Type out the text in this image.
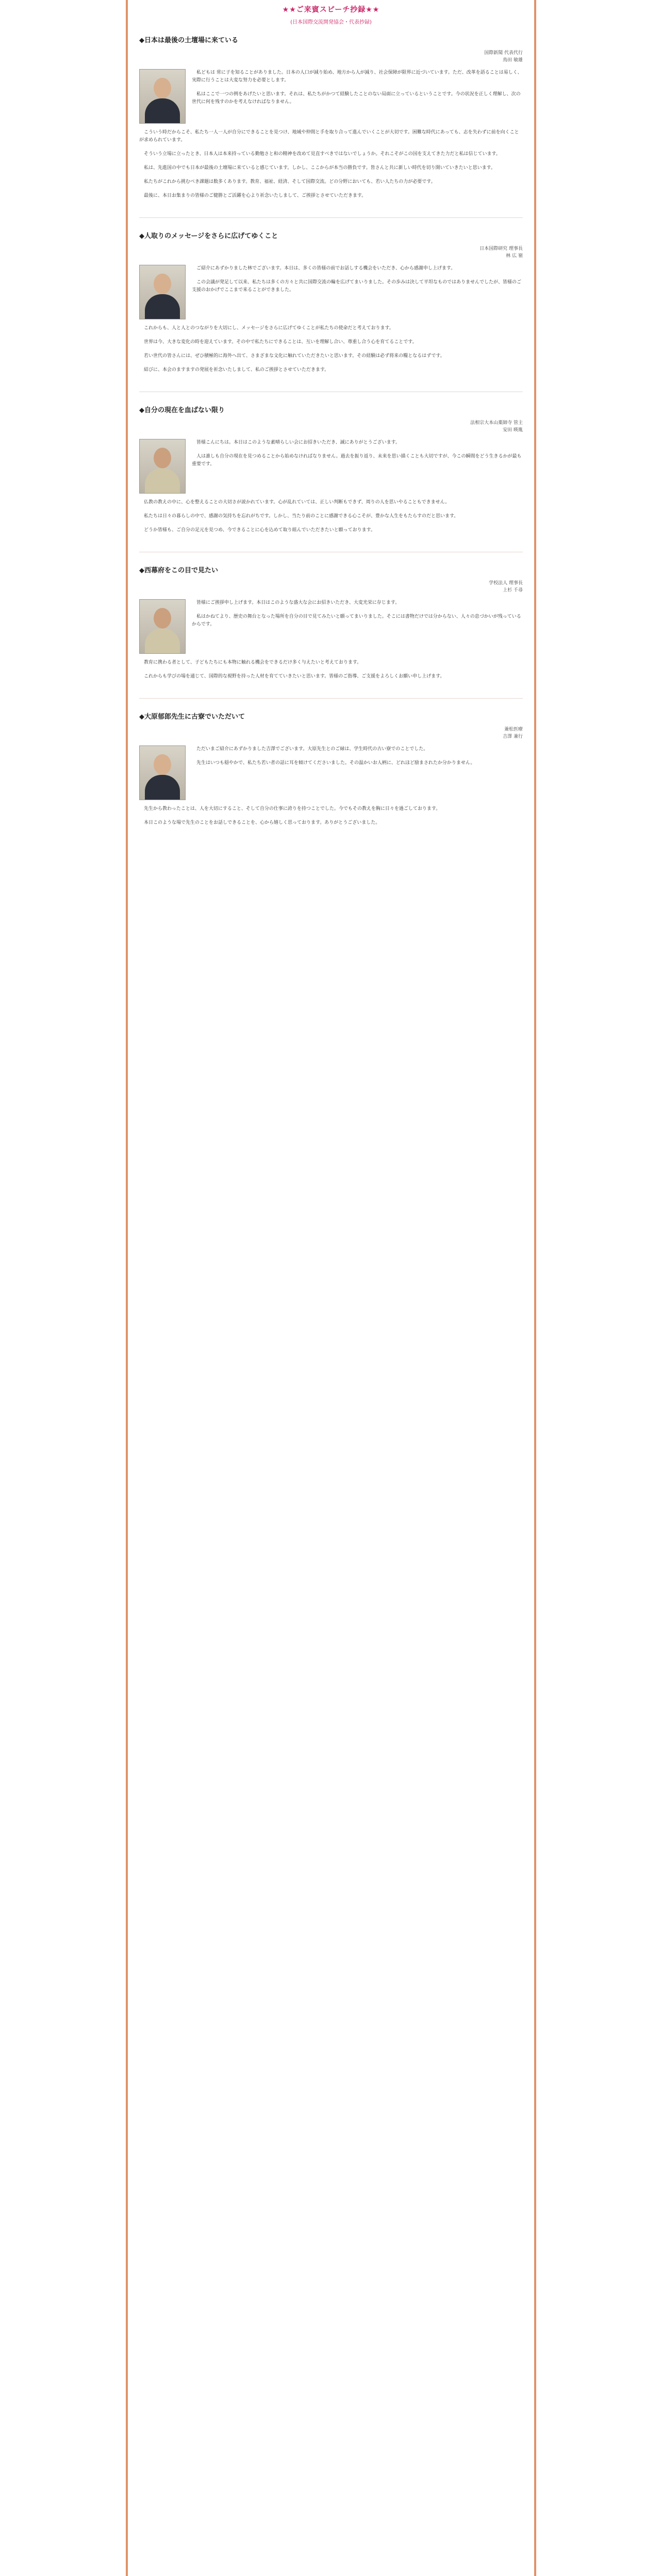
★★ご来賓スピーチ抄録★★
(日本国際交流開発協会・代表抄録)
◆日本は最後の土壇場に来ている
国際新聞 代表代行
鳥田 敏雄

私どもは 常に子を知ることがありました。日本の人口が減り始め、地方から人が減り、社会保障が限界に近づいています。ただ、改革を語ることは易しく、実際に行うことは大変な努力を必要とします。

私はここで一つの例をあげたいと思います。それは、私たちがかつて経験したことのない局面に立っているということです。今の状況を正しく理解し、次の世代に何を残すのかを考えなければなりません。

こういう時だからこそ、私たち一人一人が自分にできることを見つけ、地域や仲間と手を取り合って進んでいくことが大切です。困難な時代にあっても、志を失わずに前を向くことが求められています。

そういう立場に立ったとき、日本人は本来持っている勤勉さと和の精神を改めて見直すべきではないでしょうか。それこそがこの国を支えてきた力だと私は信じています。

私は、先進国の中でも日本が最後の土壇場に来ていると感じています。しかし、ここからが本当の勝負です。皆さんと共に新しい時代を切り開いていきたいと思います。

私たちがこれから挑むべき課題は数多くあります。教育、福祉、経済、そして国際交流。どの分野においても、若い人たちの力が必要です。

最後に、本日お集まりの皆様のご健勝とご活躍を心より祈念いたしまして、ご挨拶とさせていただきます。

◆人取りのメッセージをさらに広げてゆくこと
日本国際研究 理事長
林 広 嶺

ご紹介にあずかりました林でございます。本日は、多くの皆様の前でお話しする機会をいただき、心から感謝申し上げます。

この会議が発足して以来、私たちは多くの方々と共に国際交流の輪を広げてまいりました。その歩みは決して平坦なものではありませんでしたが、皆様のご支援のおかげでここまで来ることができました。

これからも、人と人とのつながりを大切にし、メッセージをさらに広げてゆくことが私たちの使命だと考えております。

世界は今、大きな変化の時を迎えています。その中で私たちにできることは、互いを理解し合い、尊重し合う心を育てることです。

若い世代の皆さんには、ぜひ積極的に海外へ出て、さまざまな文化に触れていただきたいと思います。その経験は必ず将来の糧となるはずです。

結びに、本会のますますの発展を祈念いたしまして、私のご挨拶とさせていただきます。

◆自分の現在を血ばない限り
法相宗大本山薬師寺 管主
安田 暎胤

皆様こんにちは。本日はこのような素晴らしい会にお招きいただき、誠にありがとうございます。

人は誰しも自分の現在を見つめることから始めなければなりません。過去を振り返り、未来を思い描くことも大切ですが、今この瞬間をどう生きるかが最も重要です。

仏教の教えの中に、心を整えることの大切さが説かれています。心が乱れていては、正しい判断もできず、周りの人を思いやることもできません。

私たちは日々の暮らしの中で、感謝の気持ちを忘れがちです。しかし、当たり前のことに感謝できる心こそが、豊かな人生をもたらすのだと思います。

どうか皆様も、ご自分の足元を見つめ、今できることに心を込めて取り組んでいただきたいと願っております。

◆西幕府をこの目で見たい
学校法人 理事長
上杉 千尋

皆様にご挨拶申し上げます。本日はこのような盛大な会にお招きいただき、大変光栄に存じます。

私はかねてより、歴史の舞台となった場所を自分の目で見てみたいと願ってまいりました。そこには書物だけでは分からない、人々の息づかいが残っているからです。

教育に携わる者として、子どもたちにも本物に触れる機会をできるだけ多く与えたいと考えております。

これからも学びの場を通じて、国際的な視野を持った人材を育てていきたいと思います。皆様のご指導、ご支援をよろしくお願い申し上げます。

◆大原郁郎先生に古寮でいただいて
兼松医療
吉澤 兼行

ただいまご紹介にあずかりました吉澤でございます。大原先生とのご縁は、学生時代の古い寮でのことでした。

先生はいつも穏やかで、私たち若い者の話に耳を傾けてくださいました。その温かいお人柄に、どれほど励まされたか分かりません。

先生から教わったことは、人を大切にすること、そして自分の仕事に誇りを持つことでした。今でもその教えを胸に日々を過ごしております。

本日このような場で先生のことをお話しできることを、心から嬉しく思っております。ありがとうございました。
